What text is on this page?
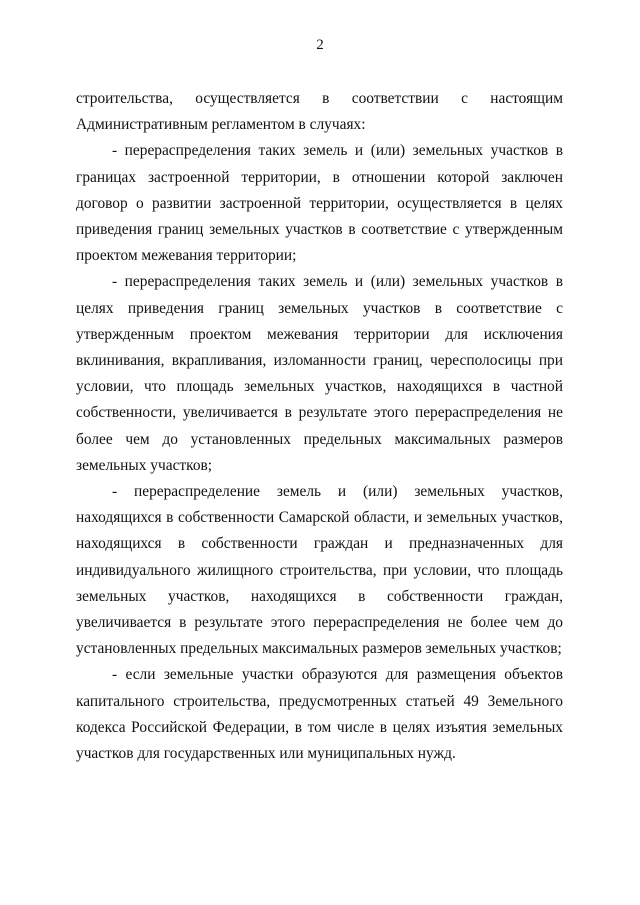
2

строительства, осуществляется в соответствии с настоящим Административным регламентом в случаях:

- перераспределения таких земель и (или) земельных участков в границах застроенной территории, в отношении которой заключен договор о развитии застроенной территории, осуществляется в целях приведения границ земельных участков в соответствие с утвержденным проектом межевания территории;

- перераспределения таких земель и (или) земельных участков в целях приведения границ земельных участков в соответствие с утвержденным проектом межевания территории для исключения вклинивания, вкрапливания, изломанности границ, чересполосицы при условии, что площадь земельных участков, находящихся в частной собственности, увеличивается в результате этого перераспределения не более чем до установленных предельных максимальных размеров земельных участков;

- перераспределение земель и (или) земельных участков, находящихся в собственности Самарской области, и земельных участков, находящихся в собственности граждан и предназначенных для индивидуального жилищного строительства, при условии, что площадь земельных участков, находящихся в собственности граждан, увеличивается в результате этого перераспределения не более чем до установленных предельных максимальных размеров земельных участков;

- если земельные участки образуются для размещения объектов капитального строительства, предусмотренных статьей 49 Земельного кодекса Российской Федерации, в том числе в целях изъятия земельных участков для государственных или муниципальных нужд.
